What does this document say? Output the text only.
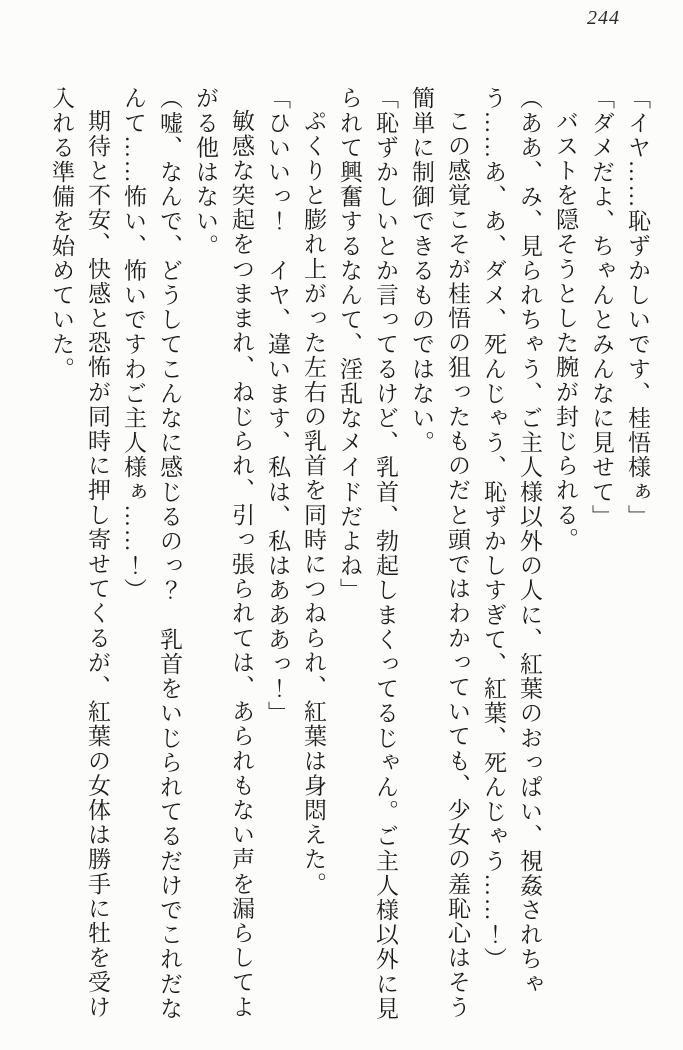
244

「イヤ……恥ずかしいです、桂悟様ぁ」

「ダメだよ、ちゃんとみんなに見せて」

バストを隠そうとした腕が封じられる。

（ああ、み、見られちゃう、ご主人様以外の人に、紅葉のおっぱい、視姦されちゃう……あ、あ、ダメ、死んじゃう、恥ずかしすぎて、紅葉、死んじゃう……！）

この感覚こそが桂悟の狙ったものだと頭ではわかっていても、少女の羞恥心はそう簡単に制御できるものではない。

「恥ずかしいとか言ってるけど、乳首、勃起しまくってるじゃん。ご主人様以外に見られて興奮するなんて、淫乱なメイドだよね」

ぷくりと膨れ上がった左右の乳首を同時につねられ、紅葉は身悶えた。

「ひいいっ！　イヤ、違います、私は、私はあああっ！」

敏感な突起をつままれ、ねじられ、引っ張られては、あられもない声を漏らしてよがる他はない。

（嘘、なんで、どうしてこんなに感じるのっ？　乳首をいじられてるだけでこれだなんて……怖い、怖いですわご主人様ぁ……！）

期待と不安、快感と恐怖が同時に押し寄せてくるが、紅葉の女体は勝手に牡を受け入れる準備を始めていた。
